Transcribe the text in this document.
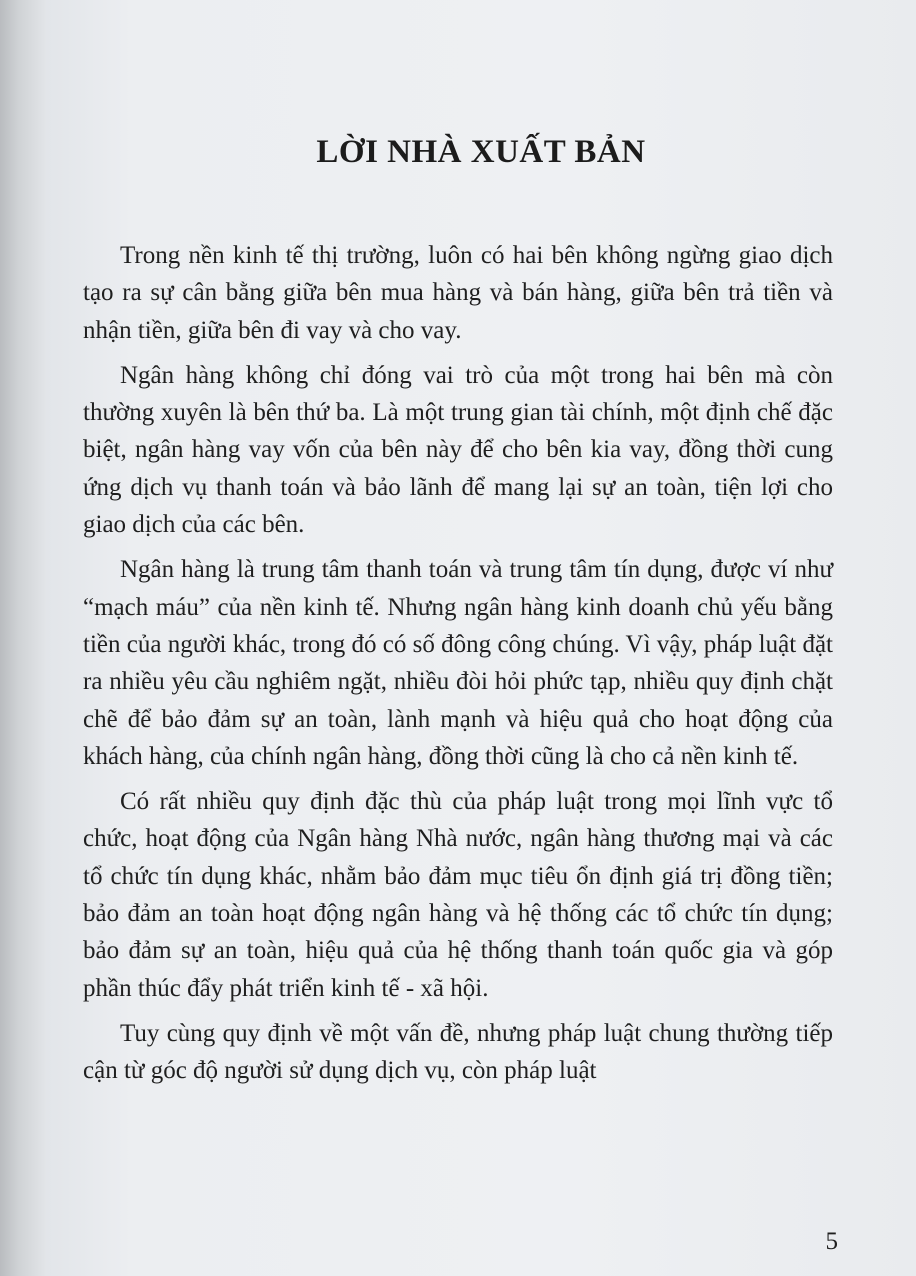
LỜI NHÀ XUẤT BẢN

Trong nền kinh tế thị trường, luôn có hai bên không ngừng giao dịch tạo ra sự cân bằng giữa bên mua hàng và bán hàng, giữa bên trả tiền và nhận tiền, giữa bên đi vay và cho vay.

Ngân hàng không chỉ đóng vai trò của một trong hai bên mà còn thường xuyên là bên thứ ba. Là một trung gian tài chính, một định chế đặc biệt, ngân hàng vay vốn của bên này để cho bên kia vay, đồng thời cung ứng dịch vụ thanh toán và bảo lãnh để mang lại sự an toàn, tiện lợi cho giao dịch của các bên.

Ngân hàng là trung tâm thanh toán và trung tâm tín dụng, được ví như “mạch máu” của nền kinh tế. Nhưng ngân hàng kinh doanh chủ yếu bằng tiền của người khác, trong đó có số đông công chúng. Vì vậy, pháp luật đặt ra nhiều yêu cầu nghiêm ngặt, nhiều đòi hỏi phức tạp, nhiều quy định chặt chẽ để bảo đảm sự an toàn, lành mạnh và hiệu quả cho hoạt động của khách hàng, của chính ngân hàng, đồng thời cũng là cho cả nền kinh tế.

Có rất nhiều quy định đặc thù của pháp luật trong mọi lĩnh vực tổ chức, hoạt động của Ngân hàng Nhà nước, ngân hàng thương mại và các tổ chức tín dụng khác, nhằm bảo đảm mục tiêu ổn định giá trị đồng tiền; bảo đảm an toàn hoạt động ngân hàng và hệ thống các tổ chức tín dụng; bảo đảm sự an toàn, hiệu quả của hệ thống thanh toán quốc gia và góp phần thúc đẩy phát triển kinh tế - xã hội.

Tuy cùng quy định về một vấn đề, nhưng pháp luật chung thường tiếp cận từ góc độ người sử dụng dịch vụ, còn pháp luật

5
